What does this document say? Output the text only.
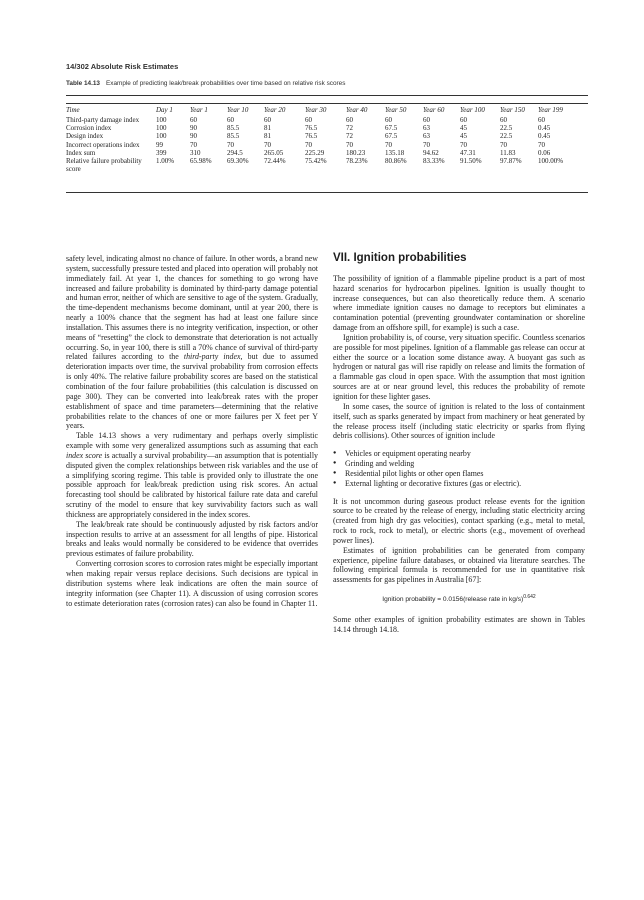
14/302 Absolute Risk Estimates
Table 14.13 Example of predicting leak/break probabilities over time based on relative risk scores
Time	Day 1	Year 1	Year 10	Year 20	Year 30	Year 40	Year 50	Year 60	Year 100	Year 150	Year 199
Third-party damage index	100	60	60	60	60	60	60	60	60	60	60
Corrosion index	100	90	85.5	81	76.5	72	67.5	63	45	22.5	0.45
Design index	100	90	85.5	81	76.5	72	67.5	63	45	22.5	0.45
Incorrect operations index	99	70	70	70	70	70	70	70	70	70	70
Index sum	399	310	294.5	265.05	225.29	180.23	135.18	94.62	47.31	11.83	0.06
Relative failure probability score	1.00%	65.98%	69.30%	72.44%	75.42%	78.23%	80.86%	83.33%	91.50%	97.87%	100.00%

safety level, indicating almost no chance of failure. In other words, a brand new system, successfully pressure tested and placed into operation will probably not immediately fail. At year 1, the chances for something to go wrong have increased and failure probability is dominated by third-party damage potential and human error, neither of which are sensitive to age of the system. Gradually, the time-dependent mechanisms become dominant, until at year 200, there is nearly a 100% chance that the segment has had at least one failure since installation. This assumes there is no integrity verification, inspection, or other means of “resetting” the clock to demonstrate that deterioration is not actually occurring. So, in year 100, there is still a 70% chance of survival of third-party related failures according to the third-party index, but due to assumed deterioration impacts over time, the survival probability from corrosion effects is only 40%. The relative failure probability scores are based on the statistical combination of the four failure probabilities (this calculation is discussed on page 300). They can be converted into leak/break rates with the proper establishment of space and time parameters—determining that the relative probabilities relate to the chances of one or more failures per X feet per Y years.

Table 14.13 shows a very rudimentary and perhaps overly simplistic example with some very generalized assumptions such as assuming that each index score is actually a survival probability—an assumption that is potentially disputed given the complex relationships between risk variables and the use of a simplifying scoring regime. This table is provided only to illustrate the one possible approach for leak/break prediction using risk scores. An actual forecasting tool should be calibrated by historical failure rate data and careful scrutiny of the model to ensure that key survivability factors such as wall thickness are appropriately considered in the index scores.

The leak/break rate should be continuously adjusted by risk factors and/or inspection results to arrive at an assessment for all lengths of pipe. Historical breaks and leaks would normally be considered to be evidence that overrides previous estimates of failure probability.

Converting corrosion scores to corrosion rates might be especially important when making repair versus replace decisions. Such decisions are typical in distribution systems where leak indications are often the main source of integrity information (see Chapter 11). A discussion of using corrosion scores to estimate deterioration rates (corrosion rates) can also be found in Chapter 11.

VII. Ignition probabilities

The possibility of ignition of a flammable pipeline product is a part of most hazard scenarios for hydrocarbon pipelines. Ignition is usually thought to increase consequences, but can also theoretically reduce them. A scenario where immediate ignition causes no damage to receptors but eliminates a contamination potential (preventing groundwater contamination or shoreline damage from an offshore spill, for example) is such a case.

Ignition probability is, of course, very situation specific. Countless scenarios are possible for most pipelines. Ignition of a flammable gas release can occur at either the source or a location some distance away. A buoyant gas such as hydrogen or natural gas will rise rapidly on release and limits the formation of a flammable gas cloud in open space. With the assumption that most ignition sources are at or near ground level, this reduces the probability of remote ignition for these lighter gases.

In some cases, the source of ignition is related to the loss of containment itself, such as sparks generated by impact from machinery or heat generated by the release process itself (including static electricity or sparks from flying debris collisions). Other sources of ignition include

● Vehicles or equipment operating nearby
● Grinding and welding
● Residential pilot lights or other open flames
● External lighting or decorative fixtures (gas or electric).

It is not uncommon during gaseous product release events for the ignition source to be created by the release of energy, including static electricity arcing (created from high dry gas velocities), contact sparking (e.g., metal to metal, rock to rock, rock to metal), or electric shorts (e.g., movement of overhead power lines).

Estimates of ignition probabilities can be generated from company experience, pipeline failure databases, or obtained via literature searches. The following empirical formula is recommended for use in quantitative risk assessments for gas pipelines in Australia [67]:

Ignition probability = 0.0156(release rate in kg/s)$^{0.642}$

Some other examples of ignition probability estimates are shown in Tables 14.14 through 14.18.
